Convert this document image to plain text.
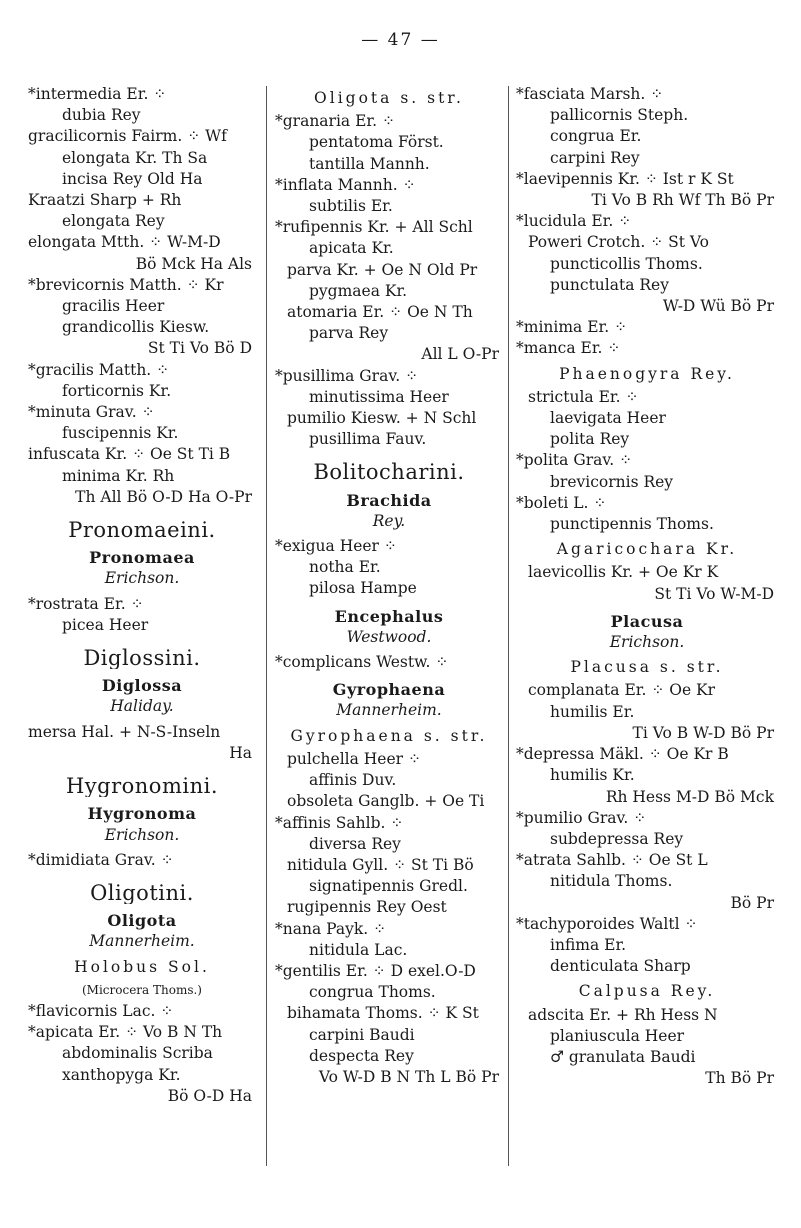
— 47 —
*intermedia Er. ⁘
dubia Rey
gracilicornis Fairm. ⁘ Wf
elongata Kr. Th Sa
incisa Rey Old Ha
Kraatzi Sharp + Rh
elongata Rey
elongata Mtth. ⁘ W-M-D
Bö Mck Ha Als
*brevicornis Matth. ⁘ Kr
gracilis Heer
grandicollis Kiesw.
St Ti Vo Bö D
*gracilis Matth. ⁘
forticornis Kr.
*minuta Grav. ⁘
fuscipennis Kr.
infuscata Kr. ⁘ Oe St Ti B
minima Kr. Rh
Th All Bö O-D Ha O-Pr
Pronomaeini.
Pronomaea
Erichson.
*rostrata Er. ⁘
picea Heer
Diglossini.
Diglossa
Haliday.
mersa Hal. + N-S-Inseln
Ha
Hygronomini.
Hygronoma
Erichson.
*dimidiata Grav. ⁘
Oligotini.
Oligota
Mannerheim.
Holobus Sol.
(Microcera Thoms.)
*flavicornis Lac. ⁘
*apicata Er. ⁘ Vo B N Th
abdominalis Scriba
xanthopyga Kr.
Bö O-D Ha
Oligota s. str.
*granaria Er. ⁘
pentatoma Först.
tantilla Mannh.
*inflata Mannh. ⁘
subtilis Er.
*rufipennis Kr. + All Schl
apicata Kr.
parva Kr. + Oe N Old Pr
pygmaea Kr.
atomaria Er. ⁘ Oe N Th
parva Rey
All L O-Pr
*pusillima Grav. ⁘
minutissima Heer
pumilio Kiesw. + N Schl
pusillima Fauv.
Bolitocharini.
Brachida
Rey.
*exigua Heer ⁘
notha Er.
pilosa Hampe
Encephalus
Westwood.
*complicans Westw. ⁘
Gyrophaena
Mannerheim.
Gyrophaena s. str.
pulchella Heer ⁘
affinis Duv.
obsoleta Ganglb. + Oe Ti
*affinis Sahlb. ⁘
diversa Rey
nitidula Gyll. ⁘ St Ti Bö
signatipennis Gredl.
rugipennis Rey Oest
*nana Payk. ⁘
nitidula Lac.
*gentilis Er. ⁘ D exel.O-D
congrua Thoms.
bihamata Thoms. ⁘ K St
carpini Baudi
despecta Rey
Vo W-D B N Th L Bö Pr
*fasciata Marsh. ⁘
pallicornis Steph.
congrua Er.
carpini Rey
*laevipennis Kr. ⁘ Ist r K St
Ti Vo B Rh Wf Th Bö Pr
*lucidula Er. ⁘
Poweri Crotch. ⁘ St Vo
puncticollis Thoms.
punctulata Rey
W-D Wü Bö Pr
*minima Er. ⁘
*manca Er. ⁘
Phaenogyra Rey.
strictula Er. ⁘
laevigata Heer
polita Rey
*polita Grav. ⁘
brevicornis Rey
*boleti L. ⁘
punctipennis Thoms.
Agaricochara Kr.
laevicollis Kr. + Oe Kr K
St Ti Vo W-M-D
Placusa
Erichson.
Placusa s. str.
complanata Er. ⁘ Oe Kr
humilis Er.
Ti Vo B W-D Bö Pr
*depressa Mäkl. ⁘ Oe Kr B
humilis Kr.
Rh Hess M-D Bö Mck
*pumilio Grav. ⁘
subdepressa Rey
*atrata Sahlb. ⁘ Oe St L
nitidula Thoms.
Bö Pr
*tachyporoides Waltl ⁘
infima Er.
denticulata Sharp
Calpusa Rey.
adscita Er. + Rh Hess N
planiuscula Heer
♂ granulata Baudi
Th Bö Pr
